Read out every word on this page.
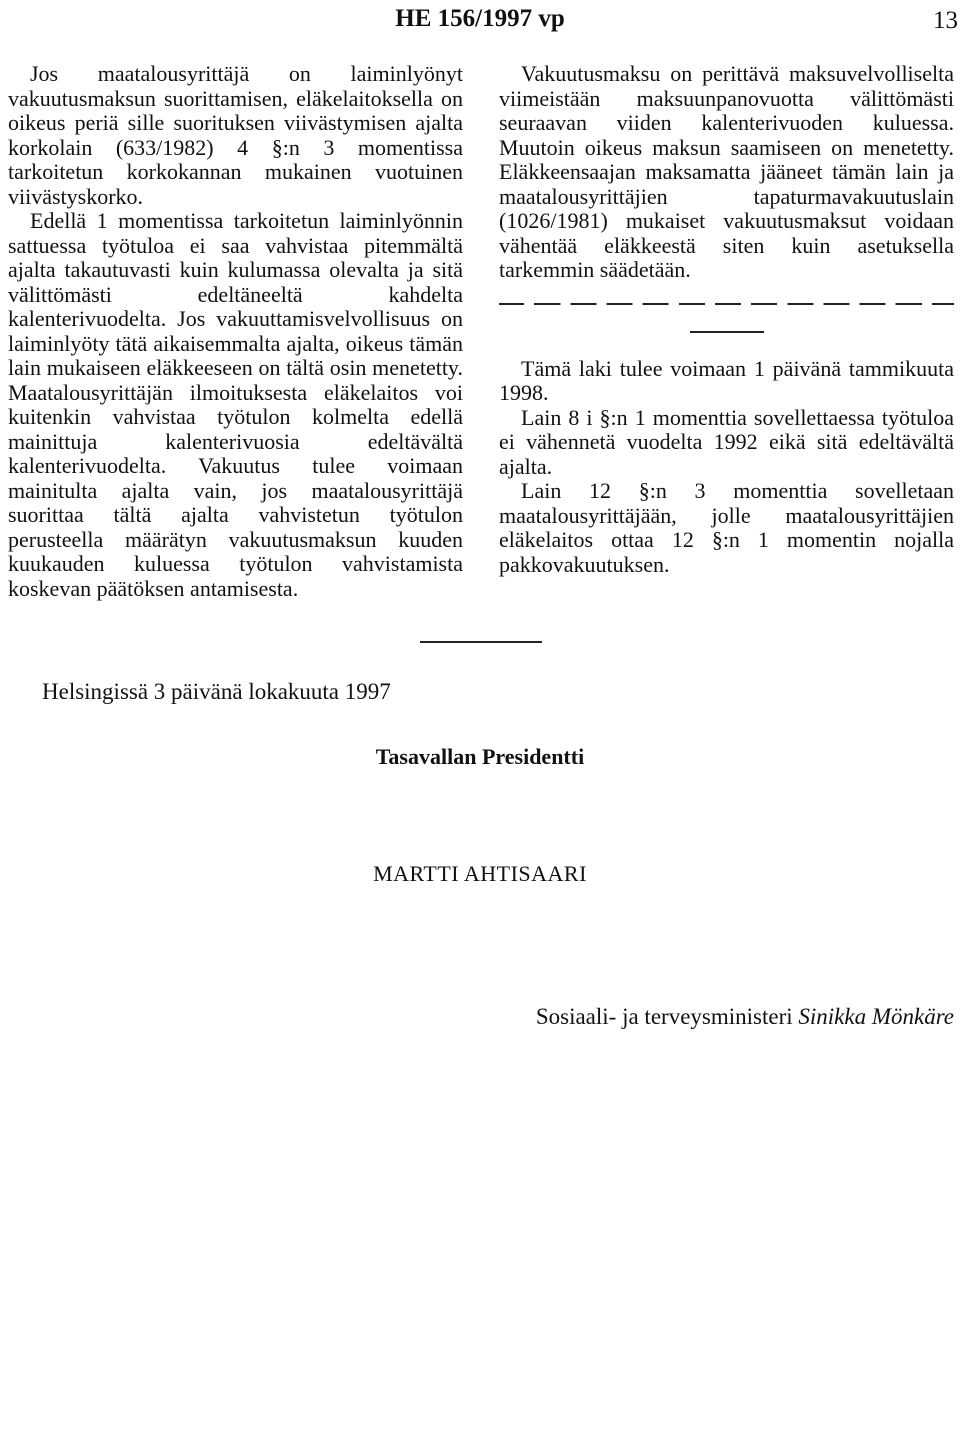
HE 156/1997 vp	13

Jos maatalousyrittäjä on laiminlyönyt vakuutusmaksun suorittamisen, eläkelaitoksella on oikeus periä sille suorituksen viivästymisen ajalta korkolain (633/1982) 4 §:n 3 momentissa tarkoitetun korkokannan mukainen vuotuinen viivästyskorko.

Edellä 1 momentissa tarkoitetun laiminlyönnin sattuessa työtuloa ei saa vahvistaa pitemmältä ajalta takautuvasti kuin kulumassa olevalta ja sitä välittömästi edeltäneeltä kahdelta kalenterivuodelta. Jos vakuuttamisvelvollisuus on laiminlyöty tätä aikaisemmalta ajalta, oikeus tämän lain mukaiseen eläkkeeseen on tältä osin menetetty. Maatalousyrittäjän ilmoituksesta eläkelaitos voi kuitenkin vahvistaa työtulon kolmelta edellä mainittuja kalenterivuosia edeltävältä kalenterivuodelta. Vakuutus tulee voimaan mainitulta ajalta vain, jos maatalousyrittäjä suorittaa tältä ajalta vahvistetun työtulon perusteella määrätyn vakuutusmaksun kuuden kuukauden kuluessa työtulon vahvistamista koskevan päätöksen antamisesta.

Vakuutusmaksu on perittävä maksuvelvolliselta viimeistään maksuunpanovuotta välittömästi seuraavan viiden kalenterivuoden kuluessa. Muutoin oikeus maksun saamiseen on menetetty. Eläkkeensaajan maksamatta jääneet tämän lain ja maatalousyrittäjien tapaturmavakuutuslain (1026/1981) mukaiset vakuutusmaksut voidaan vähentää eläkkeestä siten kuin asetuksella tarkemmin säädetään.

Tämä laki tulee voimaan 1 päivänä tammikuuta 1998.

Lain 8 i §:n 1 momenttia sovellettaessa työtuloa ei vähennetä vuodelta 1992 eikä sitä edeltävältä ajalta.

Lain 12 §:n 3 momenttia sovelletaan maatalousyrittäjään, jolle maatalousyrittäjien eläkelaitos ottaa 12 §:n 1 momentin nojalla pakkovakuutuksen.

Helsingissä 3 päivänä lokakuuta 1997
Tasavallan Presidentti
MARTTI AHTISAARI
Sosiaali- ja terveysministeri Sinikka Mönkäre
